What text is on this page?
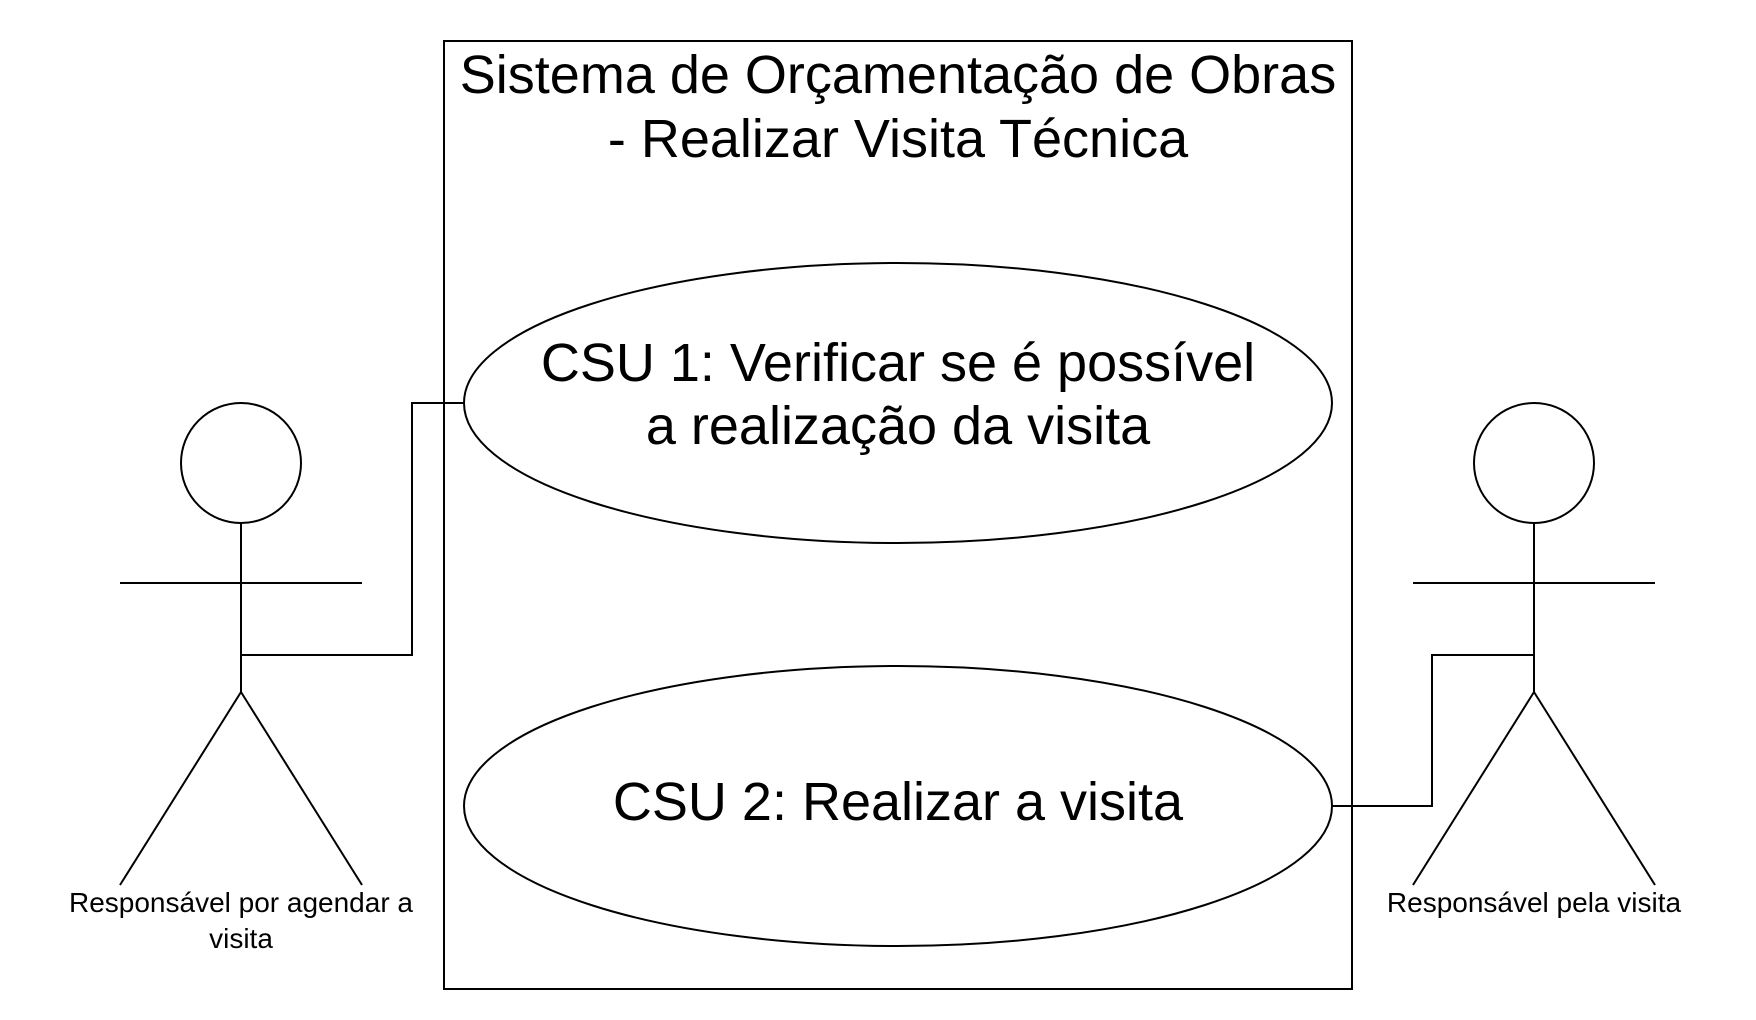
Sistema de Orçamentação de Obras
- Realizar Visita Técnica
CSU 1: Verificar se é possível
a realização da visita
CSU 2: Realizar a visita
Responsável por agendar a
visita
Responsável pela visita
